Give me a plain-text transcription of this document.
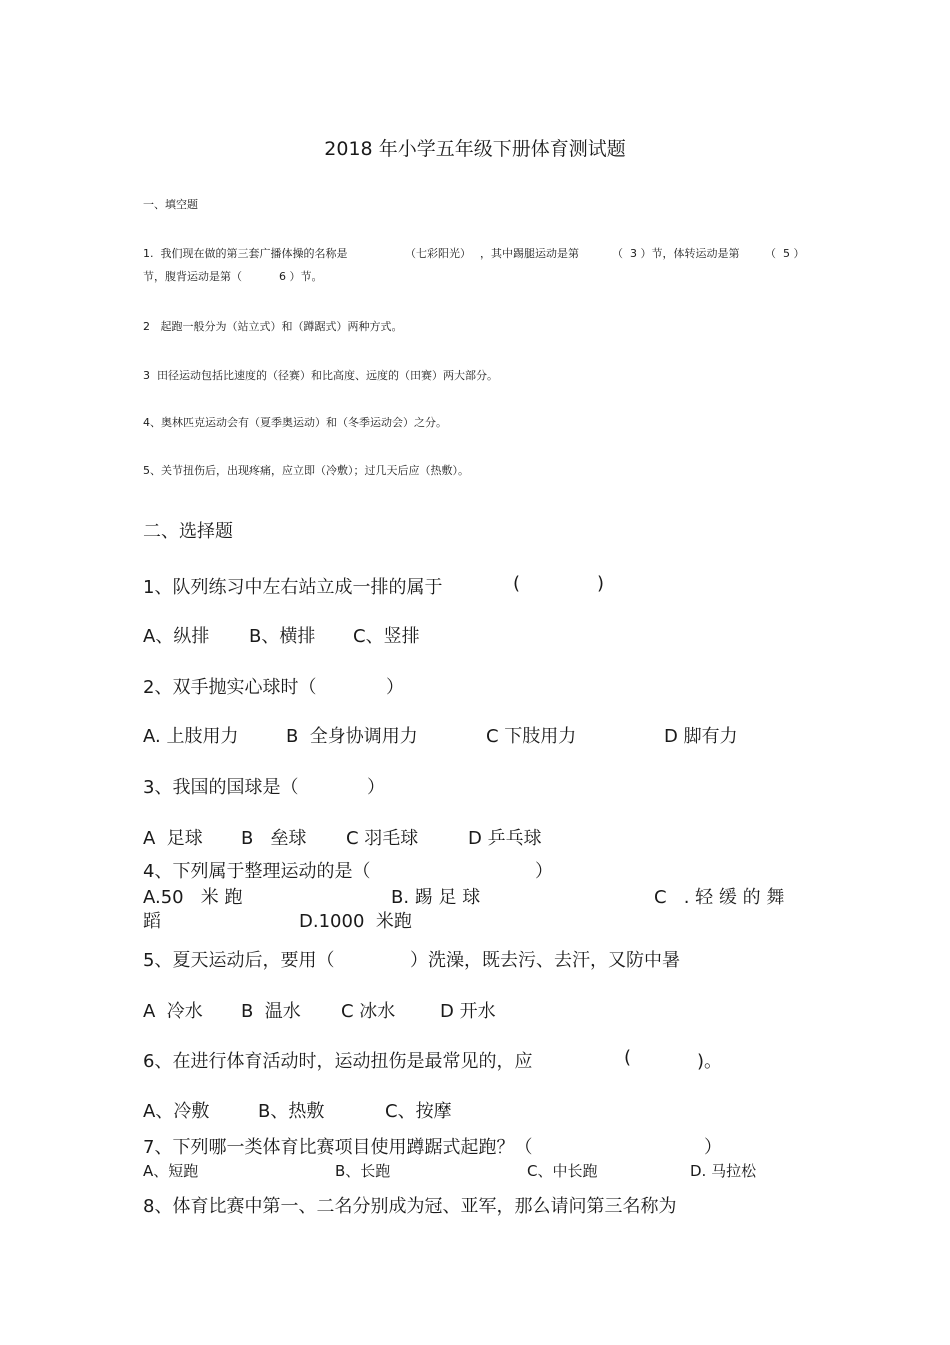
2018 年小学五年级下册体育测试题
一、填空题
1.  我们现在做的第三套广播体操的名称是	（七彩阳光） ，其中踢腿运动是第	（  3 ）节，体转运动是第 （  5 ）
节，腹背运动是第（	6 ）节。
2   起跑一般分为（站立式）和（蹲踞式）两种方式。
3  田径运动包括比速度的（径赛）和比高度、远度的（田赛）两大部分。
4、奥林匹克运动会有（夏季奥运动）和（冬季运动会）之分。
5、关节扭伤后，出现疼痛，应立即（冷敷）；过几天后应（热敷）。
二、选择题
1、队列练习中左右站立成一排的属于	(	)
A、纵排 B、横排 C、竖排
2、双手抛实心球时（	）
A. 上肢用力	B  全身协调用力	C 下肢用力	D 脚有力
3、我国的国球是（	）
A  足球 B   垒球 C 羽毛球	D 乒乓球
4、下列属于整理运动的是（	）
A.50   米 跑	B. 踢 足 球	C   . 轻 缓 的 舞
蹈	D.1000  米跑
5、夏天运动后，要用（	）洗澡，既去污、去汗，又防中暑
A  冷水 B  温水 C 冰水 D 开水
6、在进行体育活动时，运动扭伤是最常见的，应	(	)。
A、冷敷	B、热敷	C、按摩
7、下列哪一类体育比赛项目使用蹲踞式起跑？（	）
A、短跑	B、长跑	C、中长跑	D. 马拉松
8、体育比赛中第一、二名分别成为冠、亚军，那么请问第三名称为
